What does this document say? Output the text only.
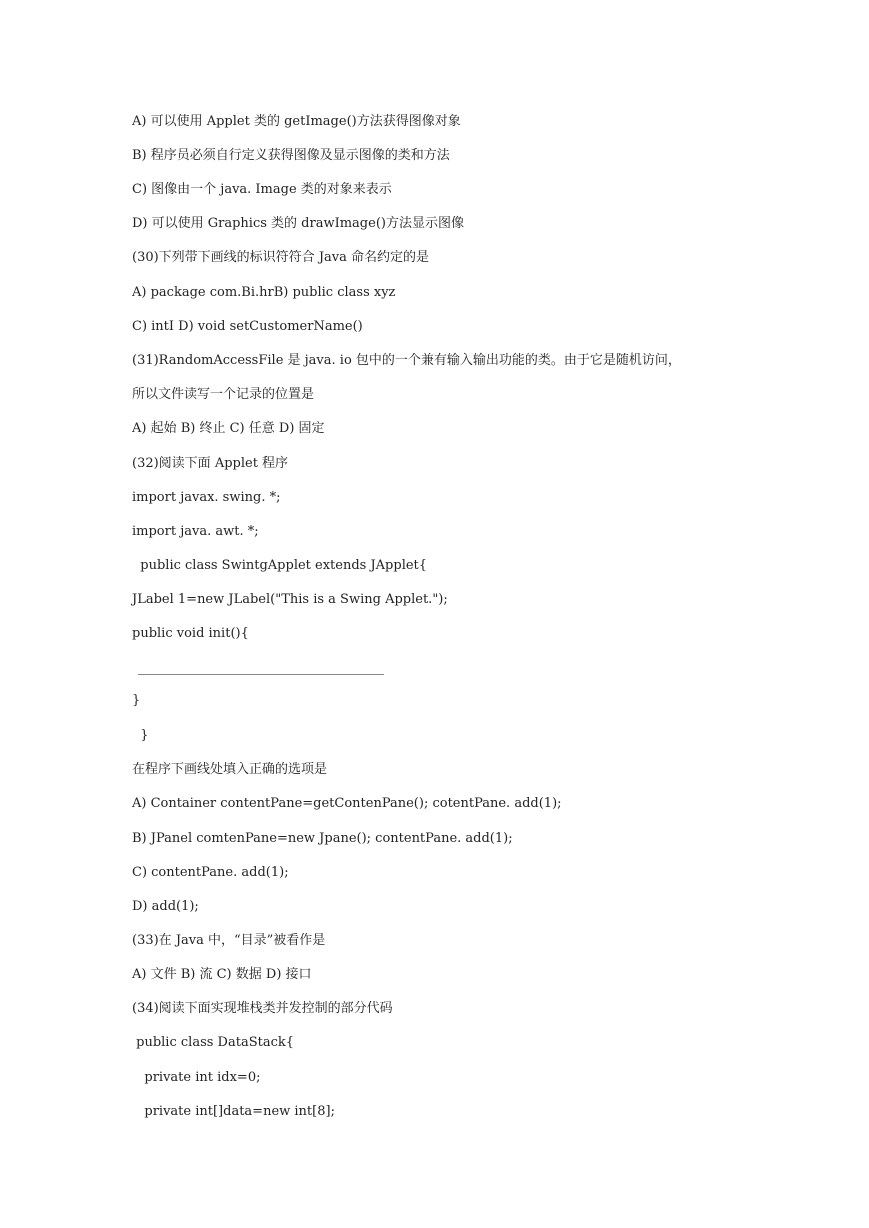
A) 可以使用 Applet 类的 getImage()方法获得图像对象
B) 程序员必须自行定义获得图像及显示图像的类和方法
C) 图像由一个 java. Image 类的对象来表示
D) 可以使用 Graphics 类的 drawImage()方法显示图像
(30)下列带下画线的标识符符合 Java 命名约定的是
A) package com.Bi.hrB) public class xyz
C) intI D) void setCustomerName()
(31)RandomAccessFile 是 java. io 包中的一个兼有输入输出功能的类。由于它是随机访问，
所以文件读写一个记录的位置是
A) 起始 B) 终止 C) 任意 D) 固定
(32)阅读下面 Applet 程序
import javax. swing. *;
import java. awt. *;
public class SwintgApplet extends JApplet{
JLabel 1=new JLabel("This is a Swing Applet.");
public void init(){
}
}
在程序下画线处填入正确的选项是
A) Container contentPane=getContenPane(); cotentPane. add(1);
B) JPanel comtenPane=new Jpane(); contentPane. add(1);
C) contentPane. add(1);
D) add(1);
(33)在 Java 中，“目录”被看作是
A) 文件 B) 流 C) 数据 D) 接口
(34)阅读下面实现堆栈类并发控制的部分代码
public class DataStack{
private int idx=0;
private int[]data=new int[8];
